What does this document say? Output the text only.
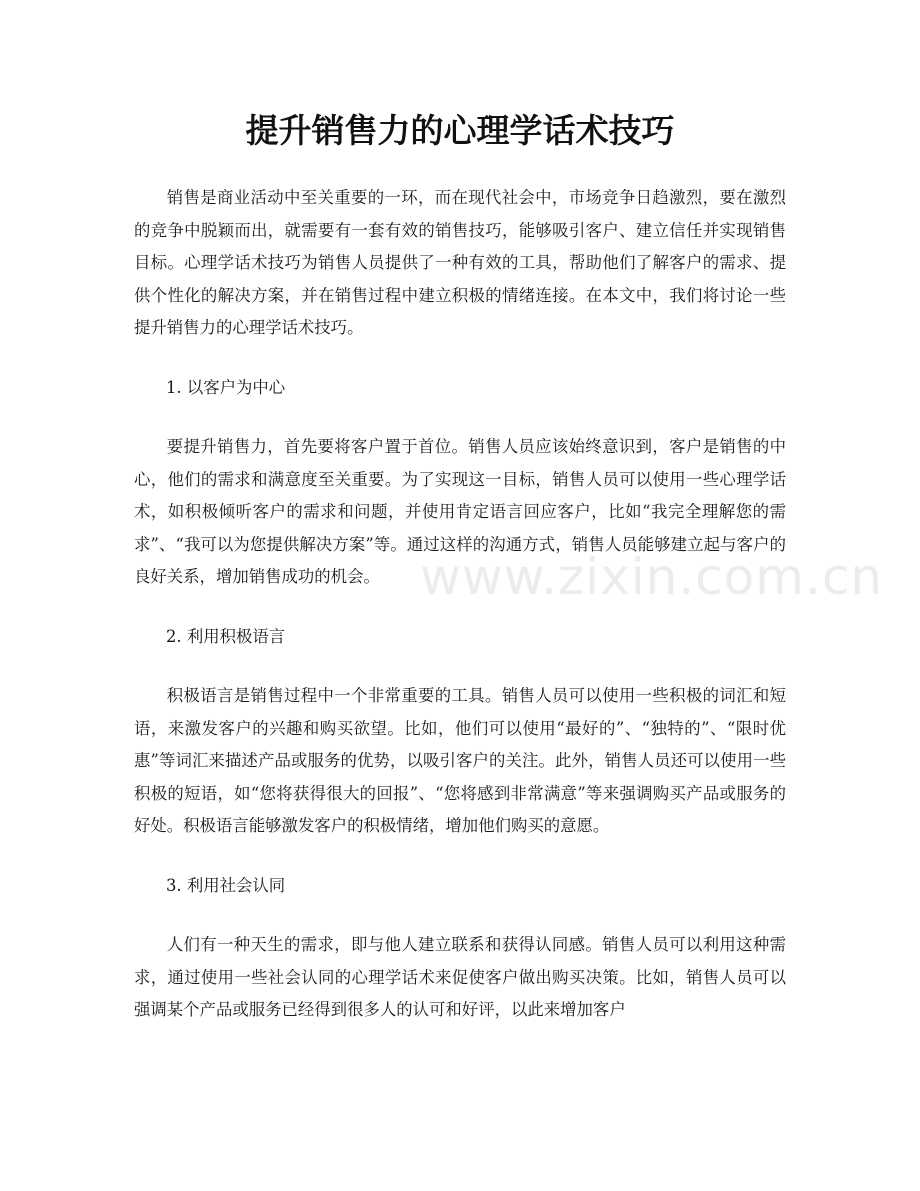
提升销售力的心理学话术技巧

销售是商业活动中至关重要的一环，而在现代社会中，市场竞争日趋激烈，要在激烈的竞争中脱颖而出，就需要有一套有效的销售技巧，能够吸引客户、建立信任并实现销售目标。心理学话术技巧为销售人员提供了一种有效的工具，帮助他们了解客户的需求、提供个性化的解决方案，并在销售过程中建立积极的情绪连接。在本文中，我们将讨论一些提升销售力的心理学话术技巧。

1. 以客户为中心

要提升销售力，首先要将客户置于首位。销售人员应该始终意识到，客户是销售的中心，他们的需求和满意度至关重要。为了实现这一目标，销售人员可以使用一些心理学话术，如积极倾听客户的需求和问题，并使用肯定语言回应客户，比如“我完全理解您的需求”、“我可以为您提供解决方案”等。通过这样的沟通方式，销售人员能够建立起与客户的良好关系，增加销售成功的机会。

2. 利用积极语言

积极语言是销售过程中一个非常重要的工具。销售人员可以使用一些积极的词汇和短语，来激发客户的兴趣和购买欲望。比如，他们可以使用“最好的”、“独特的”、“限时优惠”等词汇来描述产品或服务的优势，以吸引客户的关注。此外，销售人员还可以使用一些积极的短语，如“您将获得很大的回报”、“您将感到非常满意”等来强调购买产品或服务的好处。积极语言能够激发客户的积极情绪，增加他们购买的意愿。

3. 利用社会认同

人们有一种天生的需求，即与他人建立联系和获得认同感。销售人员可以利用这种需求，通过使用一些社会认同的心理学话术来促使客户做出购买决策。比如，销售人员可以强调某个产品或服务已经得到很多人的认可和好评，以此来增加客户

www.zixin.com.cn
